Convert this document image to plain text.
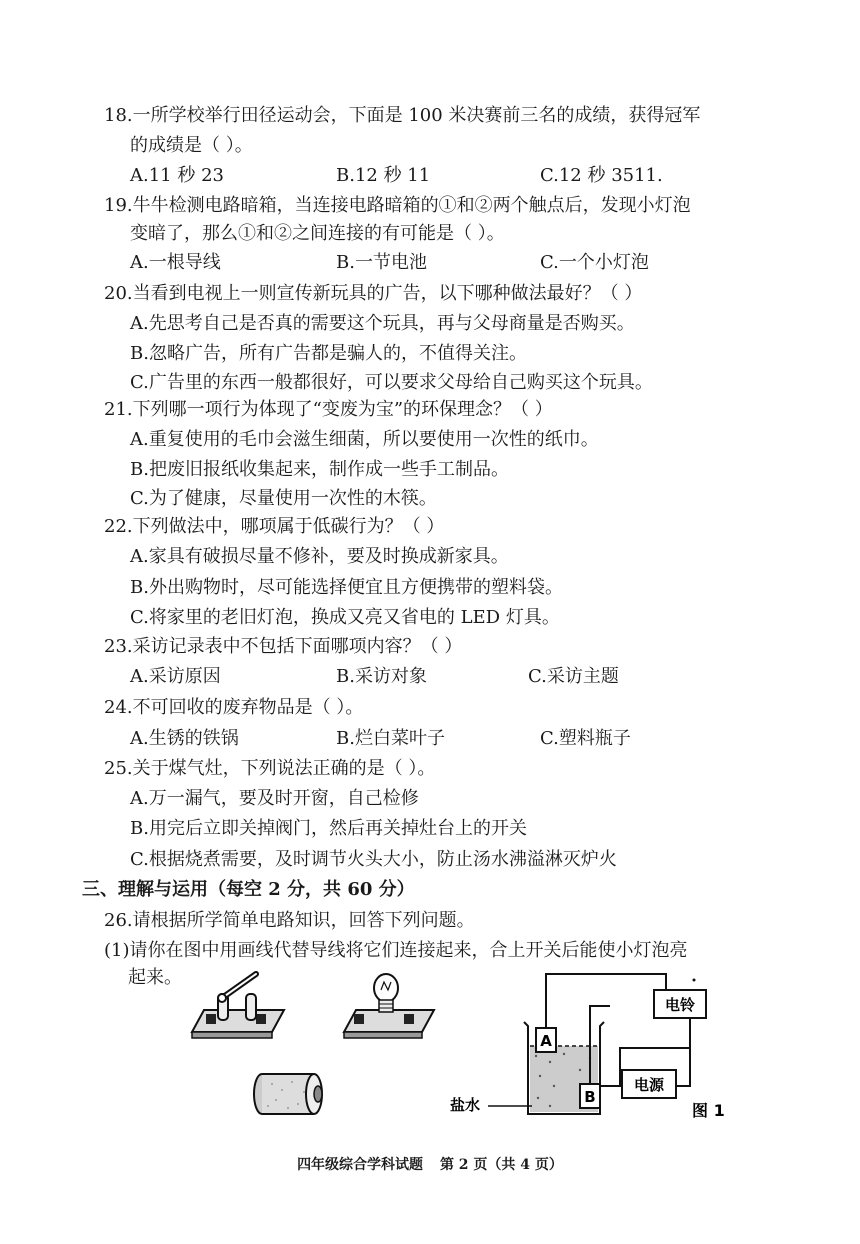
18.一所学校举行田径运动会，下面是 100 米决赛前三名的成绩，获得冠军
的成绩是（ ）。
A.11 秒 23	B.12 秒 11	C.12 秒 3511.
19.牛牛检测电路暗箱，当连接电路暗箱的①和②两个触点后，发现小灯泡
变暗了，那么①和②之间连接的有可能是（ ）。
A.一根导线	B.一节电池	C.一个小灯泡
20.当看到电视上一则宣传新玩具的广告，以下哪种做法最好？（ ）
A.先思考自己是否真的需要这个玩具，再与父母商量是否购买。
B.忽略广告，所有广告都是骗人的，不值得关注。
C.广告里的东西一般都很好，可以要求父母给自己购买这个玩具。
21.下列哪一项行为体现了“变废为宝”的环保理念？（ ）
A.重复使用的毛巾会滋生细菌，所以要使用一次性的纸巾。
B.把废旧报纸收集起来，制作成一些手工制品。
C.为了健康，尽量使用一次性的木筷。
22.下列做法中，哪项属于低碳行为？（ ）
A.家具有破损尽量不修补，要及时换成新家具。
B.外出购物时，尽可能选择便宜且方便携带的塑料袋。
C.将家里的老旧灯泡，换成又亮又省电的 LED 灯具。
23.采访记录表中不包括下面哪项内容？（ ）
A.采访原因	B.采访对象	C.采访主题
24.不可回收的废弃物品是（ ）。
A.生锈的铁锅	B.烂白菜叶子	C.塑料瓶子
25.关于煤气灶，下列说法正确的是（ ）。
A.万一漏气，要及时开窗，自己检修
B.用完后立即关掉阀门，然后再关掉灶台上的开关
C.根据烧煮需要，及时调节火头大小，防止汤水沸溢淋灭炉火
三、理解与运用（每空 2 分，共 60 分）
26.请根据所学简单电路知识，回答下列问题。
(1)请你在图中用画线代替导线将它们连接起来，合上开关后能使小灯泡亮
起来。
A
B
电铃
电源
盐水	图 1
四年级综合学科试题 第 2 页（共 4 页）
